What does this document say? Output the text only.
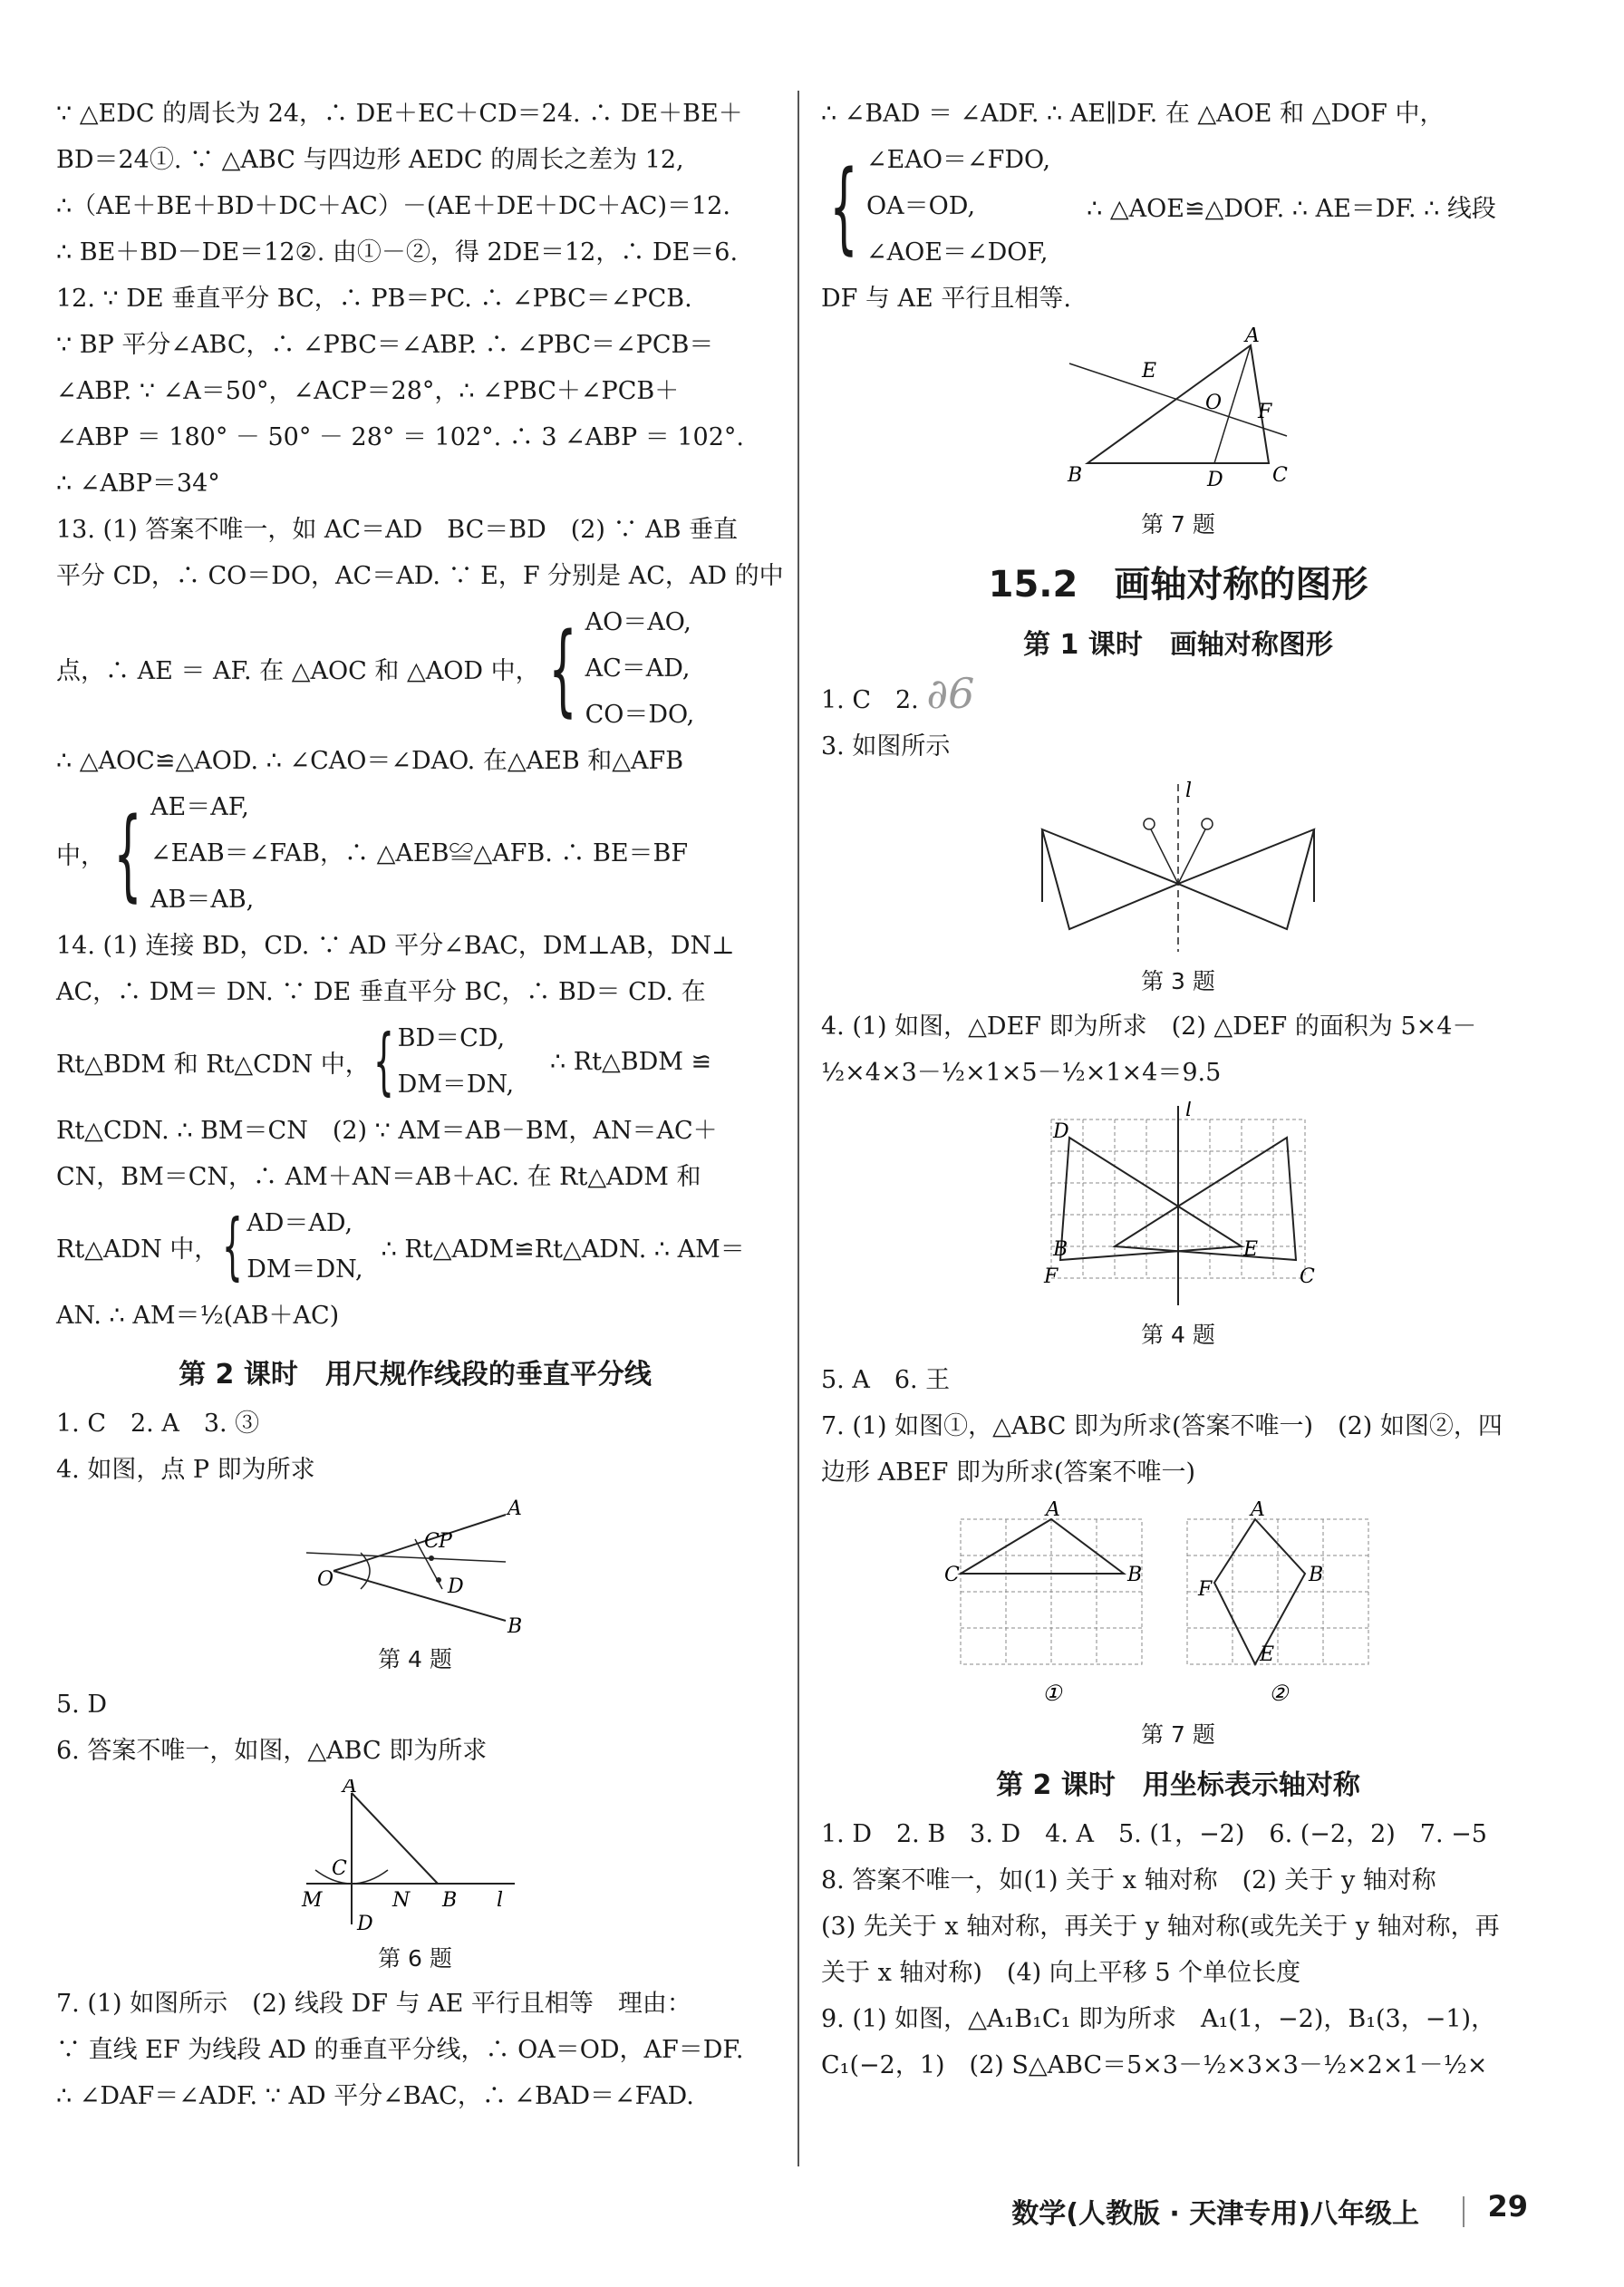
∵ △EDC 的周长为 24，∴ DE＋EC＋CD＝24. ∴ DE＋BE＋
BD＝24①. ∵ △ABC 与四边形 AEDC 的周长之差为 12,
∴（AE＋BE＋BD＋DC＋AC）－(AE＋DE＋DC＋AC)＝12.
∴ BE＋BD－DE＝12②. 由①－②，得 2DE＝12，∴ DE＝6.
12. ∵ DE 垂直平分 BC，∴ PB＝PC. ∴ ∠PBC＝∠PCB.
∵ BP 平分∠ABC，∴ ∠PBC＝∠ABP. ∴ ∠PBC＝∠PCB＝
∠ABP. ∵ ∠A＝50°，∠ACP＝28°，∴ ∠PBC＋∠PCB＋
∠ABP ＝ 180° － 50° － 28° ＝ 102°. ∴ 3 ∠ABP ＝ 102°.
∴ ∠ABP＝34°
13. (1) 答案不唯一，如 AC＝AD　BC＝BD　(2) ∵ AB 垂直
平分 CD，∴ CO＝DO，AC＝AD. ∵ E，F 分别是 AC，AD 的中
点，∴ AE ＝ AF. 在 △AOC 和 △AOD 中， { AO＝AO,
AC＝AD,
CO＝DO,
∴ △AOC≌△AOD. ∴ ∠CAO＝∠DAO. 在△AEB 和△AFB
中， { AE＝AF,
∠EAB＝∠FAB，∴ △AEB≌△AFB. ∴ BE＝BF
AB＝AB,
14. (1) 连接 BD，CD. ∵ AD 平分∠BAC，DM⊥AB，DN⊥
AC，∴ DM＝ DN. ∵ DE 垂直平分 BC，∴ BD＝ CD. 在
Rt△BDM 和 Rt△CDN 中， { BD＝CD,
DM＝DN,
∴ Rt△BDM ≌
Rt△CDN. ∴ BM＝CN　(2) ∵ AM＝AB－BM，AN＝AC＋
CN，BM＝CN，∴ AM＋AN＝AB＋AC. 在 Rt△ADM 和
Rt△ADN 中， { AD＝AD,
DM＝DN,
∴ Rt△ADM≌Rt△ADN. ∴ AM＝
AN. ∴ AM＝½(AB＋AC)
第 2 课时　用尺规作线段的垂直平分线
1. C　2. A　3. ③
4. 如图，点 P 即为所求
A
C P
O	D
B
第 4 题
5. D
6. 答案不唯一，如图，△ABC 即为所求
A
C
M	N B l
D
第 6 题
7. (1) 如图所示　(2) 线段 DF 与 AE 平行且相等　理由：
∵ 直线 EF 为线段 AD 的垂直平分线，∴ OA＝OD，AF＝DF.
∴ ∠DAF＝∠ADF. ∵ AD 平分∠BAC，∴ ∠BAD＝∠FAD.
∴ ∠BAD ＝ ∠ADF. ∴ AE∥DF. 在 △AOE 和 △DOF 中，
{ ∠EAO＝∠FDO,
OA＝OD,
∠AOE＝∠DOF,
∴ △AOE≌△DOF. ∴ AE＝DF. ∴ 线段
DF 与 AE 平行且相等.
A
E
O F
B	D C
第 7 题
15.2　画轴对称的图形
第 1 课时　画轴对称图形
1. C　2. ∂6
3. 如图所示
l
第 3 题
4. (1) 如图，△DEF 即为所求　(2) △DEF 的面积为 5×4－
½×4×3－½×1×5－½×1×4＝9.5
l
D
B	E
F	C
第 4 题
5. A　6. 王
7. (1) 如图①，△ABC 即为所求(答案不唯一)　(2) 如图②，四
边形 ABEF 即为所求(答案不唯一)
A
C	B
A
F
B
E
①	②
第 7 题
第 2 课时　用坐标表示轴对称
1. D　2. B　3. D　4. A　5. (1，−2)　6. (−2，2)　7. −5
8. 答案不唯一，如(1) 关于 x 轴对称　(2) 关于 y 轴对称
(3) 先关于 x 轴对称，再关于 y 轴对称(或先关于 y 轴对称，再
关于 x 轴对称)　(4) 向上平移 5 个单位长度
9. (1) 如图，△A₁B₁C₁ 即为所求　A₁(1，−2)，B₁(3，−1)，
C₁(−2，1)　(2) S△ABC＝5×3－½×3×3－½×2×1－½×
数学(人教版 · 天津专用)八年级上 29
